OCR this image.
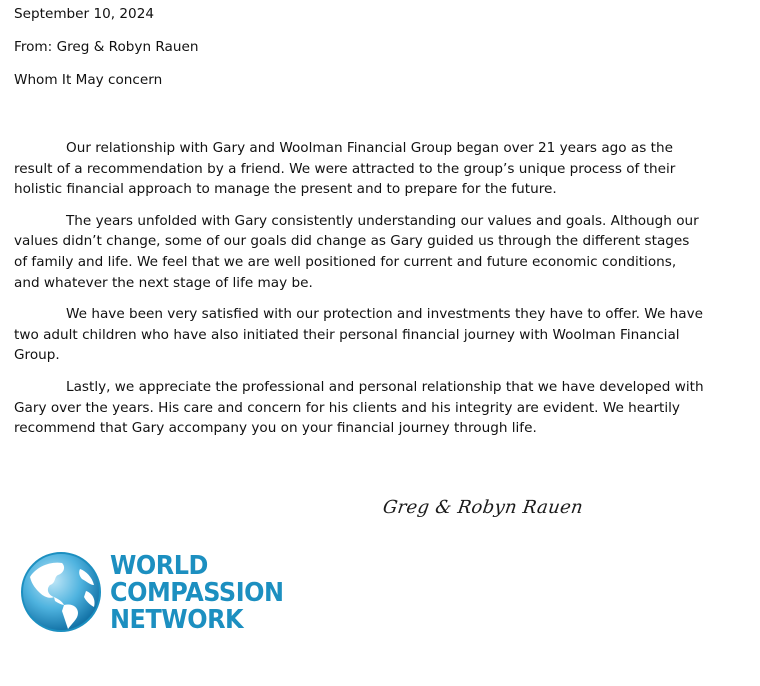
September 10, 2024
From: Greg & Robyn Rauen
Whom It May concern

Our relationship with Gary and Woolman Financial Group began over 21 years ago as the result of a recommendation by a friend. We were attracted to the group’s unique process of their holistic financial approach to manage the present and to prepare for the future.

The years unfolded with Gary consistently understanding our values and goals. Although our values didn’t change, some of our goals did change as Gary guided us through the different stages of family and life. We feel that we are well positioned for current and future economic conditions, and whatever the next stage of life may be.

We have been very satisfied with our protection and investments they have to offer. We have two adult children who have also initiated their personal financial journey with Woolman Financial Group.

Lastly, we appreciate the professional and personal relationship that we have developed with Gary over the years. His care and concern for his clients and his integrity are evident. We heartily recommend that Gary accompany you on your financial journey through life.

Greg & Robyn Rauen
WORLD
COMPASSION
NETWORK
